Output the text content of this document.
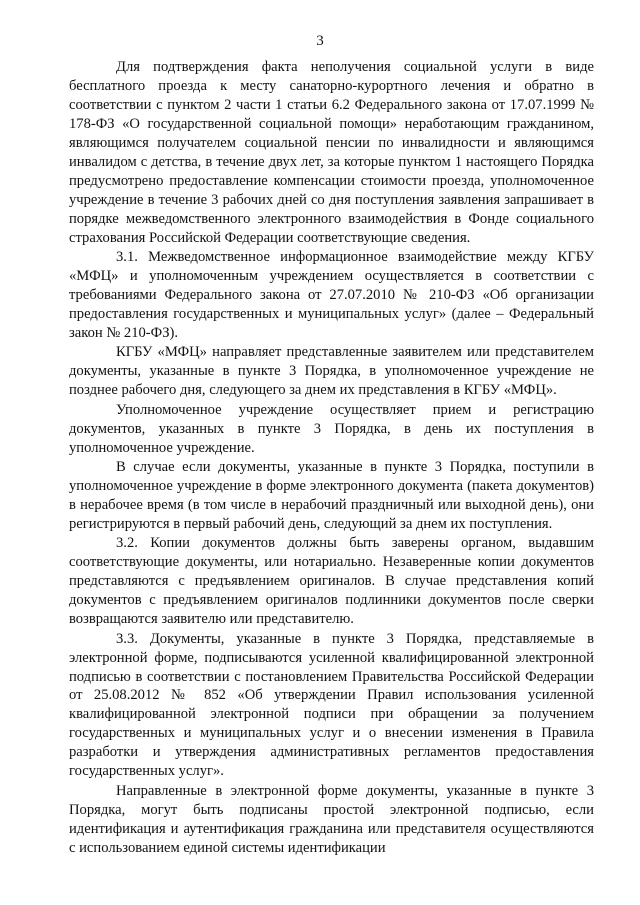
3

Для подтверждения факта неполучения социальной услуги в виде бесплатного проезда к месту санаторно-курортного лечения и обратно в соответствии с пунктом 2 части 1 статьи 6.2 Федерального закона от 17.07.1999 № 178-ФЗ «О государственной социальной помощи» неработающим гражданином, являющимся получателем социальной пенсии по инвалидности и являющимся инвалидом с детства, в течение двух лет, за которые пунктом 1 настоящего Порядка предусмотрено предоставление компенсации стоимости проезда, уполномоченное учреждение в течение 3 рабочих дней со дня поступления заявления запрашивает в порядке межведомственного электронного взаимодействия в Фонде социального страхования Российской Федерации соответствующие сведения.

3.1. Межведомственное информационное взаимодействие между КГБУ «МФЦ» и уполномоченным учреждением осуществляется в соответствии с требованиями Федерального закона от 27.07.2010 № 210-ФЗ «Об организации предоставления государственных и муниципальных услуг» (далее – Федеральный закон № 210-ФЗ).

КГБУ «МФЦ» направляет представленные заявителем или представителем документы, указанные в пункте 3 Порядка, в уполномоченное учреждение не позднее рабочего дня, следующего за днем их представления в КГБУ «МФЦ».

Уполномоченное учреждение осуществляет прием и регистрацию документов, указанных в пункте 3 Порядка, в день их поступления в уполномоченное учреждение.

В случае если документы, указанные в пункте 3 Порядка, поступили в уполномоченное учреждение в форме электронного документа (пакета документов) в нерабочее время (в том числе в нерабочий праздничный или выходной день), они регистрируются в первый рабочий день, следующий за днем их поступления.

3.2. Копии документов должны быть заверены органом, выдавшим соответствующие документы, или нотариально. Незаверенные копии документов представляются с предъявлением оригиналов. В случае представления копий документов с предъявлением оригиналов подлинники документов после сверки возвращаются заявителю или представителю.

3.3. Документы, указанные в пункте 3 Порядка, представляемые в электронной форме, подписываются усиленной квалифицированной электронной подписью в соответствии с постановлением Правительства Российской Федерации от 25.08.2012 № 852 «Об утверждении Правил использования усиленной квалифицированной электронной подписи при обращении за получением государственных и муниципальных услуг и о внесении изменения в Правила разработки и утверждения административных регламентов предоставления государственных услуг».

Направленные в электронной форме документы, указанные в пункте 3 Порядка, могут быть подписаны простой электронной подписью, если идентификация и аутентификация гражданина или представителя осуществляются с использованием единой системы идентификации
